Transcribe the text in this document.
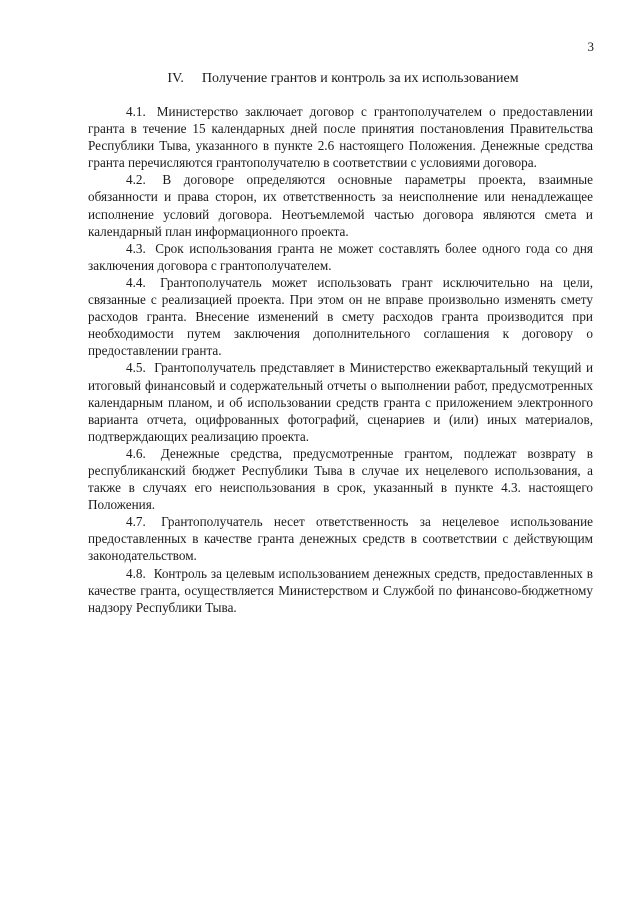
3
IV. Получение грантов и контроль за их использованием

4.1. Министерство заключает договор с грантополучателем о предоставлении гранта в течение 15 календарных дней после принятия постановления Правительства Республики Тыва, указанного в пункте 2.6 настоящего Положения. Денежные средства гранта перечисляются грантополучателю в соответствии с условиями договора.

4.2. В договоре определяются основные параметры проекта, взаимные обязанности и права сторон, их ответственность за неисполнение или ненадлежащее исполнение условий договора. Неотъемлемой частью договора являются смета и календарный план информационного проекта.

4.3. Срок использования гранта не может составлять более одного года со дня заключения договора с грантополучателем.

4.4. Грантополучатель может использовать грант исключительно на цели, связанные с реализацией проекта. При этом он не вправе произвольно изменять смету расходов гранта. Внесение изменений в смету расходов гранта производится при необходимости путем заключения дополнительного соглашения к договору о предоставлении гранта.

4.5. Грантополучатель представляет в Министерство ежеквартальный текущий и итоговый финансовый и содержательный отчеты о выполнении работ, предусмотренных календарным планом, и об использовании средств гранта с приложением электронного варианта отчета, оцифрованных фотографий, сценариев и (или) иных материалов, подтверждающих реализацию проекта.

4.6. Денежные средства, предусмотренные грантом, подлежат возврату в республиканский бюджет Республики Тыва в случае их нецелевого использования, а также в случаях его неиспользования в срок, указанный в пункте 4.3. настоящего Положения.

4.7. Грантополучатель несет ответственность за нецелевое использование предоставленных в качестве гранта денежных средств в соответствии с действующим законодательством.

4.8. Контроль за целевым использованием денежных средств, предоставленных в качестве гранта, осуществляется Министерством и Службой по финансово-бюджетному надзору Республики Тыва.
